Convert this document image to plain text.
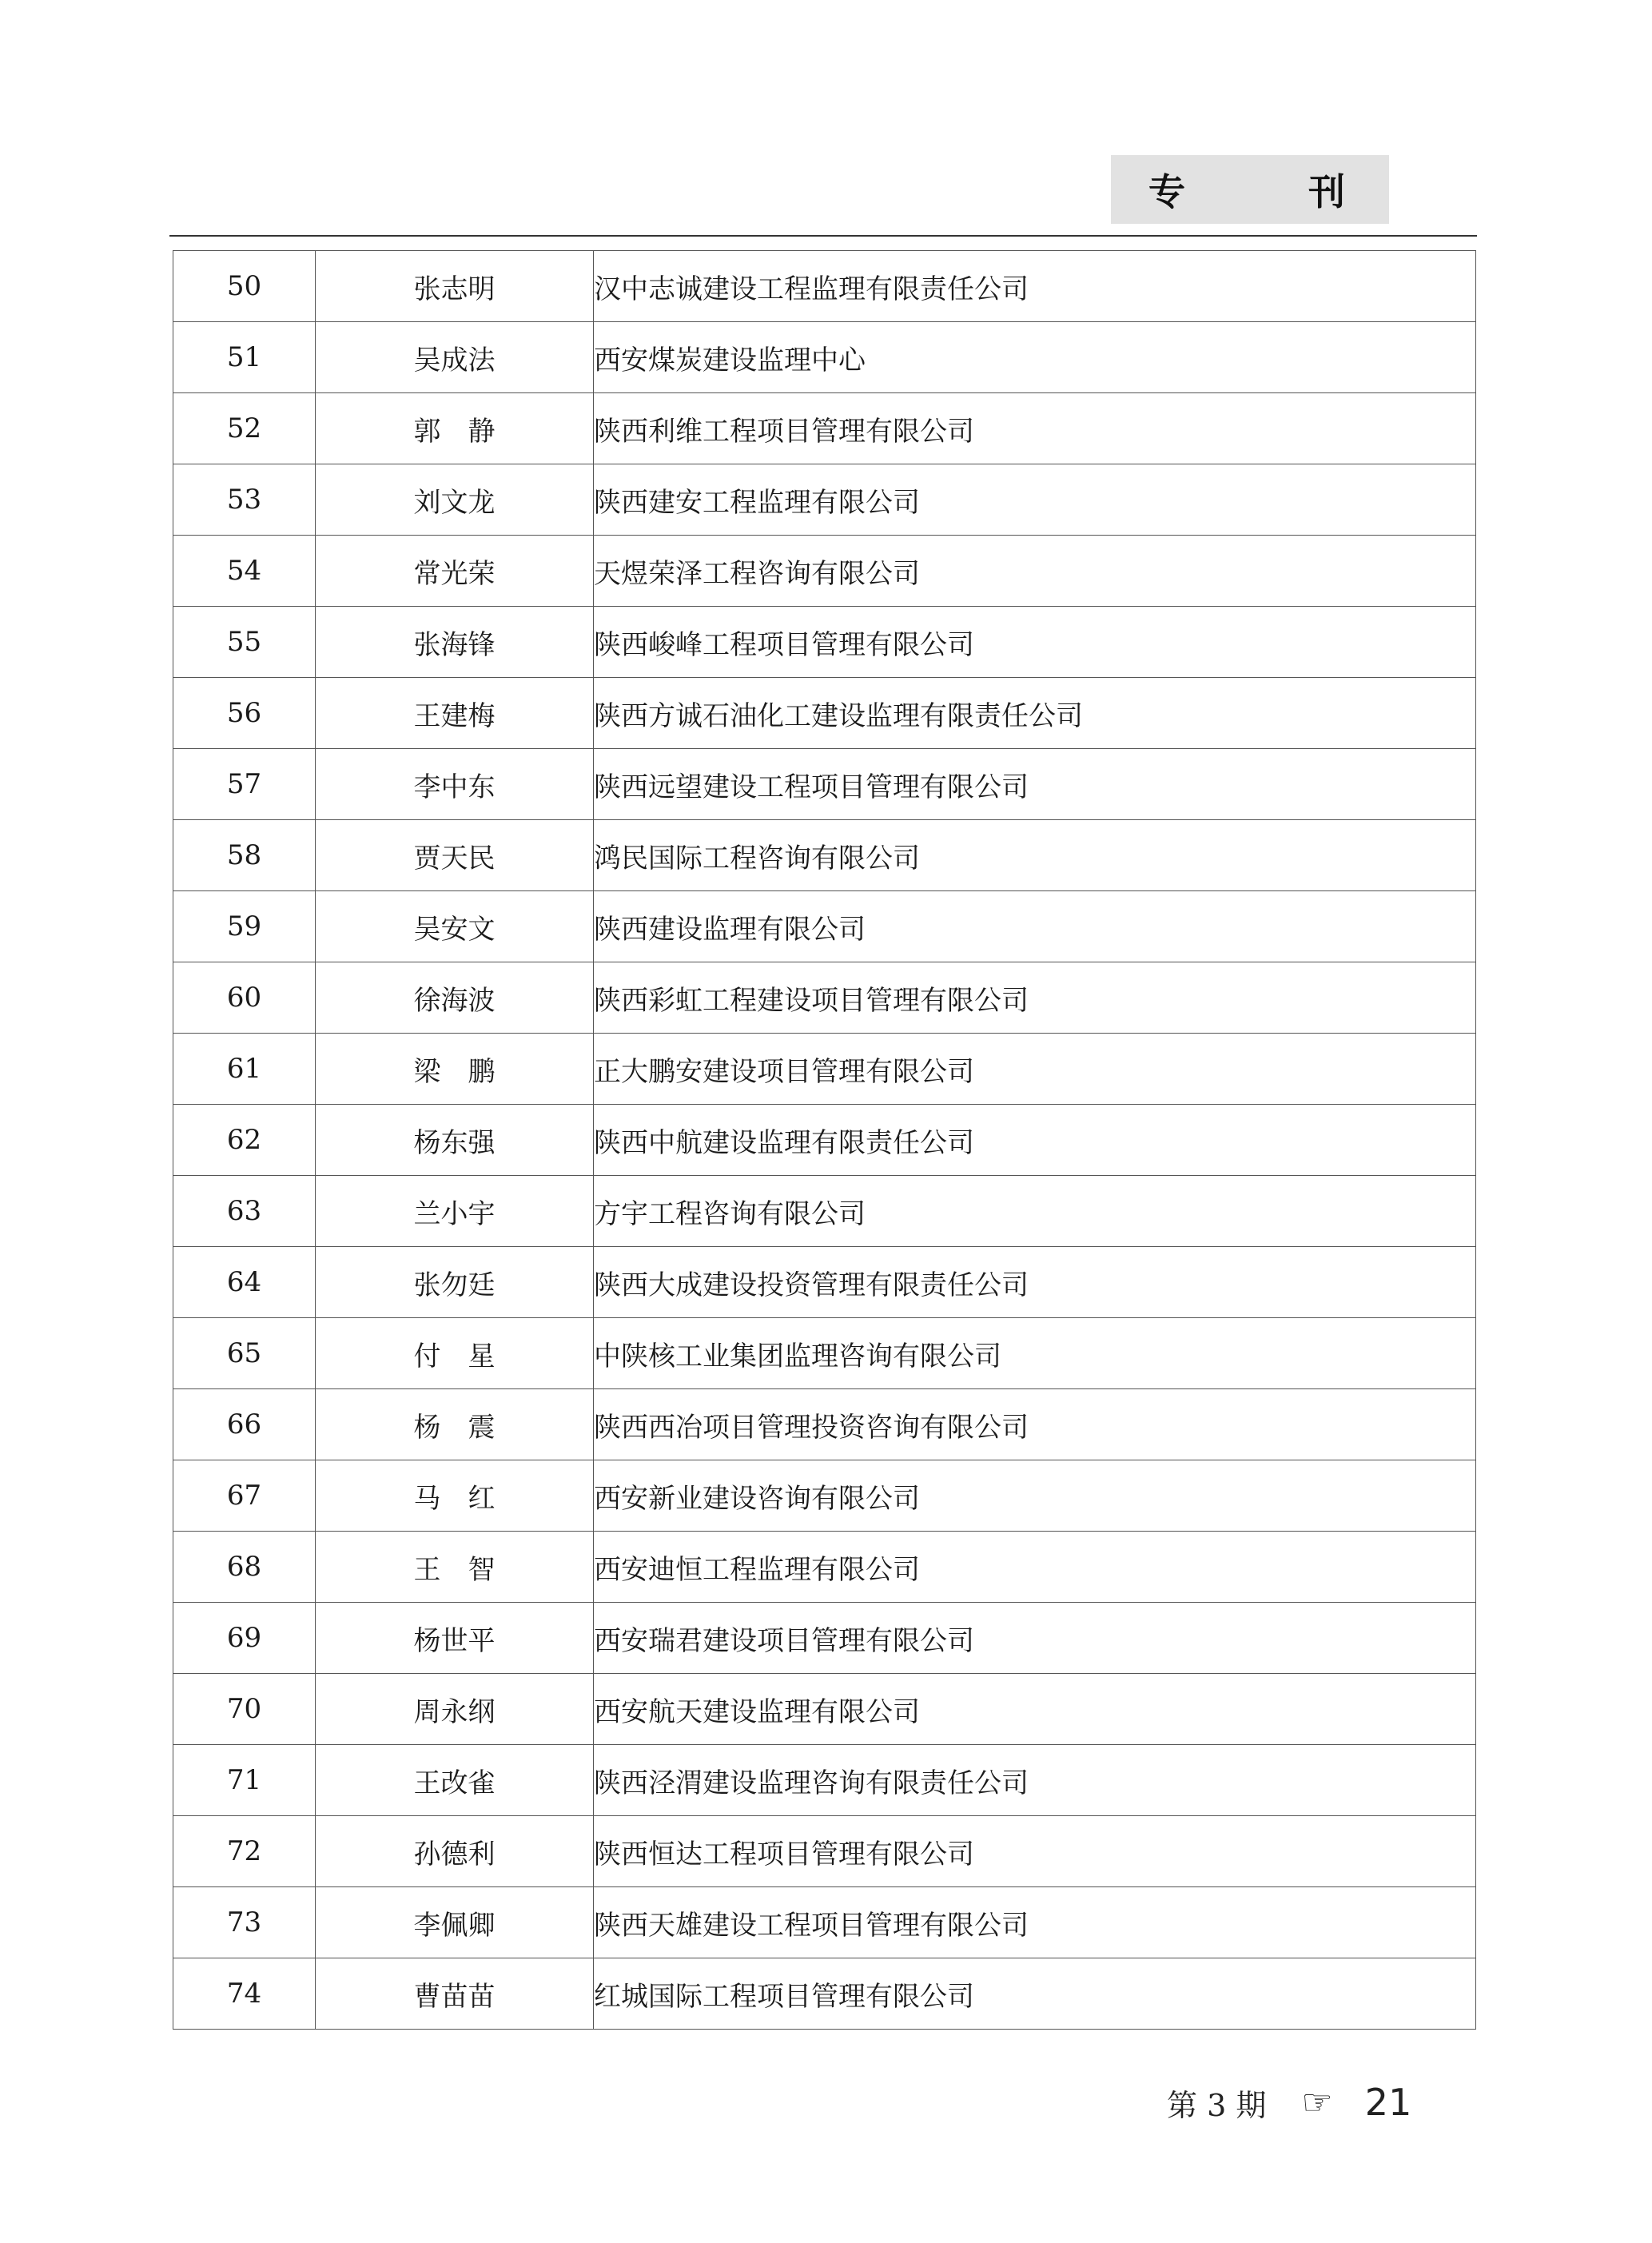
专	刊
50	张志明	汉中志诚建设工程监理有限责任公司
51	吴成法	西安煤炭建设监理中心
52	郭　静	陕西利维工程项目管理有限公司
53	刘文龙	陕西建安工程监理有限公司
54	常光荣	天煜荣泽工程咨询有限公司
55	张海锋	陕西峻峰工程项目管理有限公司
56	王建梅	陕西方诚石油化工建设监理有限责任公司
57	李中东	陕西远望建设工程项目管理有限公司
58	贾天民	鸿民国际工程咨询有限公司
59	吴安文	陕西建设监理有限公司
60	徐海波	陕西彩虹工程建设项目管理有限公司
61	梁　鹏	正大鹏安建设项目管理有限公司
62	杨东强	陕西中航建设监理有限责任公司
63	兰小宇	方宇工程咨询有限公司
64	张勿廷	陕西大成建设投资管理有限责任公司
65	付　星	中陕核工业集团监理咨询有限公司
66	杨　震	陕西西冶项目管理投资咨询有限公司
67	马　红	西安新业建设咨询有限公司
68	王　智	西安迪恒工程监理有限公司
69	杨世平	西安瑞君建设项目管理有限公司
70	周永纲	西安航天建设监理有限公司
71	王改雀	陕西泾渭建设监理咨询有限责任公司
72	孙德利	陕西恒达工程项目管理有限公司
73	李佩卿	陕西天雄建设工程项目管理有限公司
74	曹苗苗	红城国际工程项目管理有限公司
第 3 期 ☞ 21
